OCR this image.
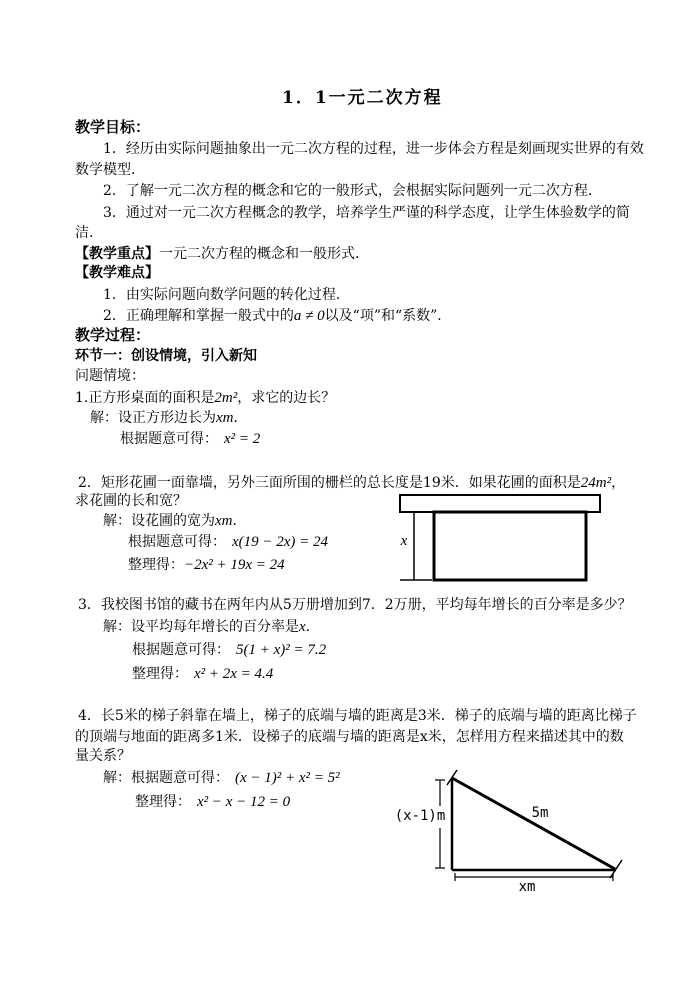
1．1一元二次方程
教学目标：
1．经历由实际问题抽象出一元二次方程的过程，进一步体会方程是刻画现实世界的有效
数学模型．
2．了解一元二次方程的概念和它的一般形式，会根据实际问题列一元二次方程．
3．通过对一元二次方程概念的教学，培养学生严谨的科学态度，让学生体验数学的简
洁．
【教学重点】一元二次方程的概念和一般形式．
【教学难点】
1．由实际问题向数学问题的转化过程．
2．正确理解和掌握一般式中的a ≠ 0以及“项”和“系数”．
教学过程：
环节一：创设情境，引入新知
问题情境：
1.正方形桌面的面积是2m²，求它的边长？
解：设正方形边长为xm．
根据题意可得： x² = 2
2．矩形花圃一面靠墙，另外三面所围的栅栏的总长度是19米．如果花圃的面积是24m²，
求花圃的长和宽？
解：设花圃的宽为xm．
根据题意可得： x(19 − 2x) = 24
整理得：−2x² + 19x = 24
x
3．我校图书馆的藏书在两年内从5万册增加到7．2万册，平均每年增长的百分率是多少？
解：设平均每年增长的百分率是x．
根据题意可得： 5(1 + x)² = 7.2
整理得： x² + 2x = 4.4
4．长5米的梯子斜靠在墙上，梯子的底端与墙的距离是3米．梯子的底端与墙的距离比梯子
的顶端与地面的距离多1米．设梯子的底端与墙的距离是x米，怎样用方程来描述其中的数
量关系？
解：根据题意可得： (x − 1)² + x² = 5²
整理得： x² − x − 12 = 0
(x-1)m	5m
xm
